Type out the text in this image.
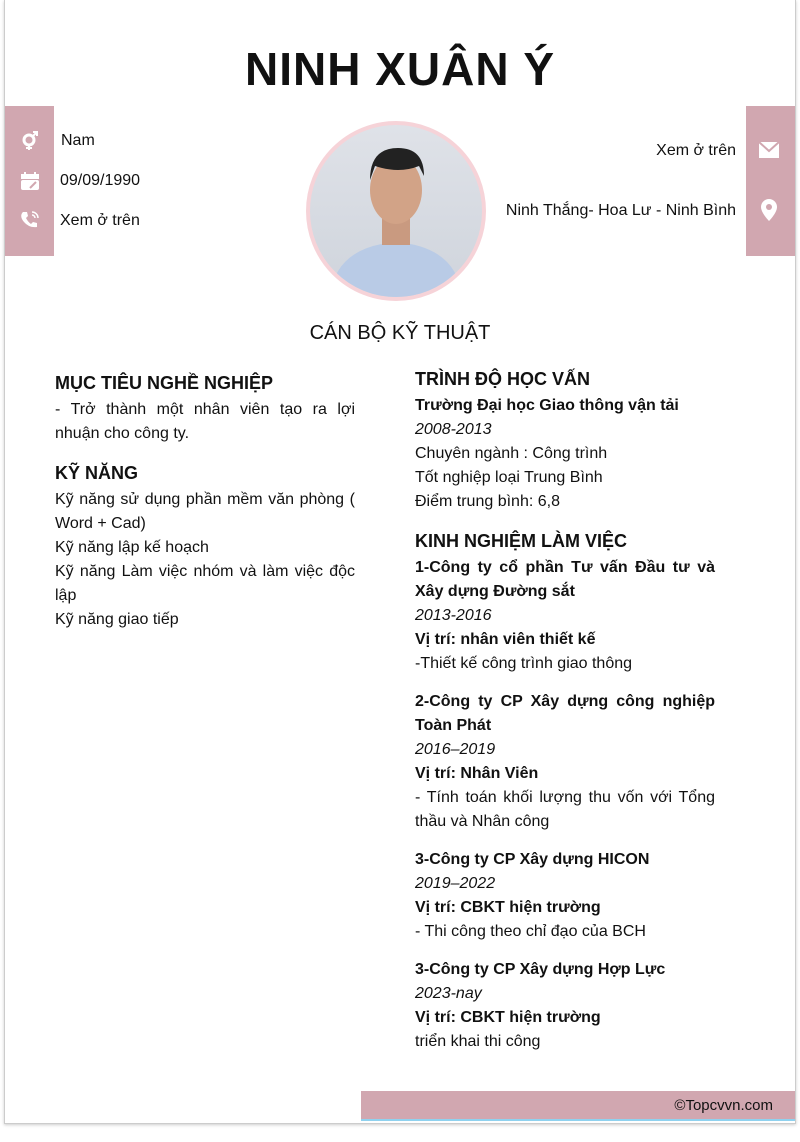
NINH XUÂN Ý
Nam
09/09/1990
Xem ở trên
Xem ở trên
Ninh Thắng- Hoa Lư - Ninh Bình
CÁN BỘ KỸ THUẬT
MỤC TIÊU NGHỀ NGHIỆP
- Trở thành một nhân viên tạo ra lợi nhuận cho công ty.
KỸ NĂNG
Kỹ năng sử dụng phần mềm văn phòng ( Word + Cad)
Kỹ năng lập kế hoạch
Kỹ năng Làm việc nhóm và làm việc độc lập
Kỹ năng giao tiếp
TRÌNH ĐỘ HỌC VẤN
Trường Đại học Giao thông vận tải
2008-2013
Chuyên ngành : Công trình
Tốt nghiệp loại Trung Bình
Điểm trung bình: 6,8
KINH NGHIỆM LÀM VIỆC
1-Công ty cổ phần Tư vấn Đầu tư và Xây dựng Đường sắt
2013-2016
Vị trí: nhân viên thiết kế
-Thiết kế công trình giao thông
2-Công ty CP Xây dựng công nghiệp Toàn Phát
2016–2019
Vị trí: Nhân Viên
- Tính toán khối lượng thu vốn với Tổng thầu và Nhân công
3-Công ty CP Xây dựng HICON
2019–2022
Vị trí: CBKT hiện trường
- Thi công theo chỉ đạo của BCH
3-Công ty CP Xây dựng Hợp Lực
2023-nay
Vị trí: CBKT hiện trường
triển khai thi công
©Topcvvn.com
